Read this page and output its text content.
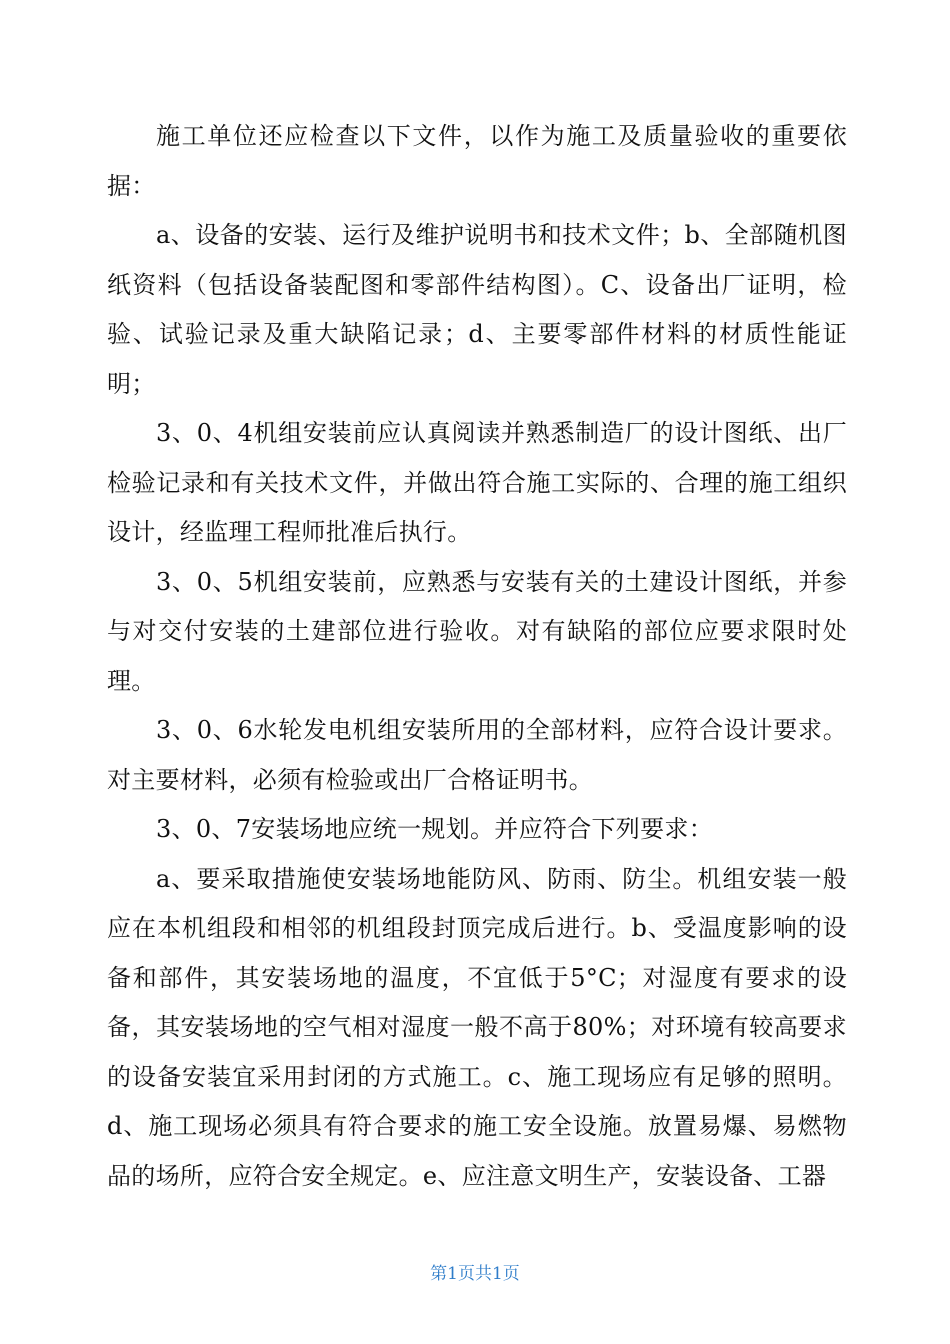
施工单位还应检查以下文件，以作为施工及质量验收的重要依据：

a、设备的安装、运行及维护说明书和技术文件；b、全部随机图纸资料（包括设备装配图和零部件结构图）。C、设备出厂证明，检验、试验记录及重大缺陷记录；d、主要零部件材料的材质性能证明；

3、0、4机组安装前应认真阅读并熟悉制造厂的设计图纸、出厂检验记录和有关技术文件，并做出符合施工实际的、合理的施工组织设计，经监理工程师批准后执行。

3、0、5机组安装前，应熟悉与安装有关的土建设计图纸，并参与对交付安装的土建部位进行验收。对有缺陷的部位应要求限时处理。

3、0、6水轮发电机组安装所用的全部材料，应符合设计要求。对主要材料，必须有检验或出厂合格证明书。

3、0、7安装场地应统一规划。并应符合下列要求：

a、要采取措施使安装场地能防风、防雨、防尘。机组安装一般应在本机组段和相邻的机组段封顶完成后进行。b、受温度影响的设备和部件，其安装场地的温度，不宜低于5°C；对湿度有要求的设备，其安装场地的空气相对湿度一般不高于80%；对环境有较高要求的设备安装宜采用封闭的方式施工。c、施工现场应有足够的照明。d、施工现场必须具有符合要求的施工安全设施。放置易爆、易燃物品的场所，应符合安全规定。e、应注意文明生产，安装设备、工器

第1页共1页
